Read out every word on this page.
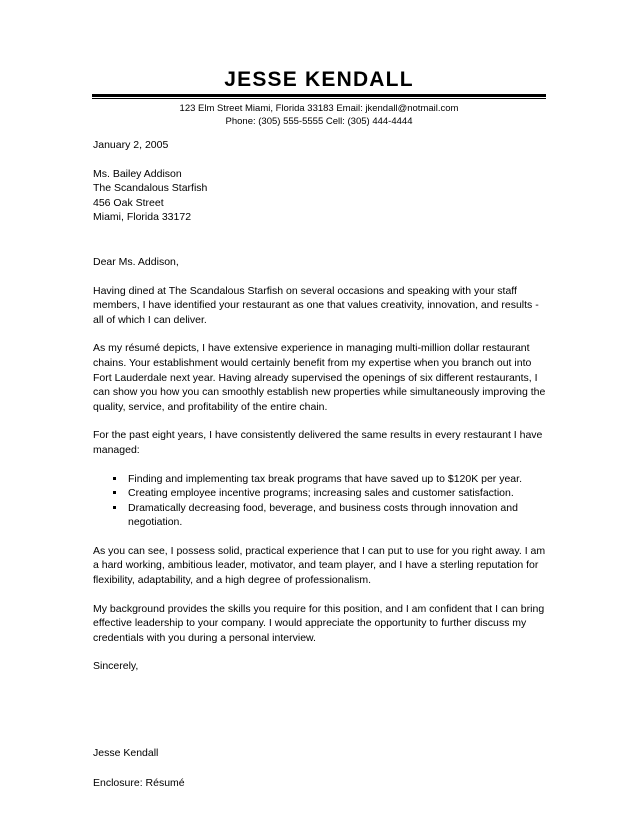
JESSE KENDALL
123 Elm Street Miami, Florida 33183 Email: jkendall@notmail.com
Phone: (305) 555-5555 Cell: (305) 444-4444

January 2, 2005

Ms. Bailey Addison
The Scandalous Starfish
456 Oak Street
Miami, Florida 33172

Dear Ms. Addison,

Having dined at The Scandalous Starfish on several occasions and speaking with your staff members, I have identified your restaurant as one that values creativity, innovation, and results - all of which I can deliver.

As my résumé depicts, I have extensive experience in managing multi-million dollar restaurant chains. Your establishment would certainly benefit from my expertise when you branch out into Fort Lauderdale next year. Having already supervised the openings of six different restaurants, I can show you how you can smoothly establish new properties while simultaneously improving the quality, service, and profitability of the entire chain.

For the past eight years, I have consistently delivered the same results in every restaurant I have managed:

Finding and implementing tax break programs that have saved up to $120K per year.
Creating employee incentive programs; increasing sales and customer satisfaction.
Dramatically decreasing food, beverage, and business costs through innovation and negotiation.

As you can see, I possess solid, practical experience that I can put to use for you right away. I am a hard working, ambitious leader, motivator, and team player, and I have a sterling reputation for flexibility, adaptability, and a high degree of professionalism.

My background provides the skills you require for this position, and I am confident that I can bring effective leadership to your company. I would appreciate the opportunity to further discuss my credentials with you during a personal interview.

Sincerely,

Jesse Kendall

Enclosure: Résumé
